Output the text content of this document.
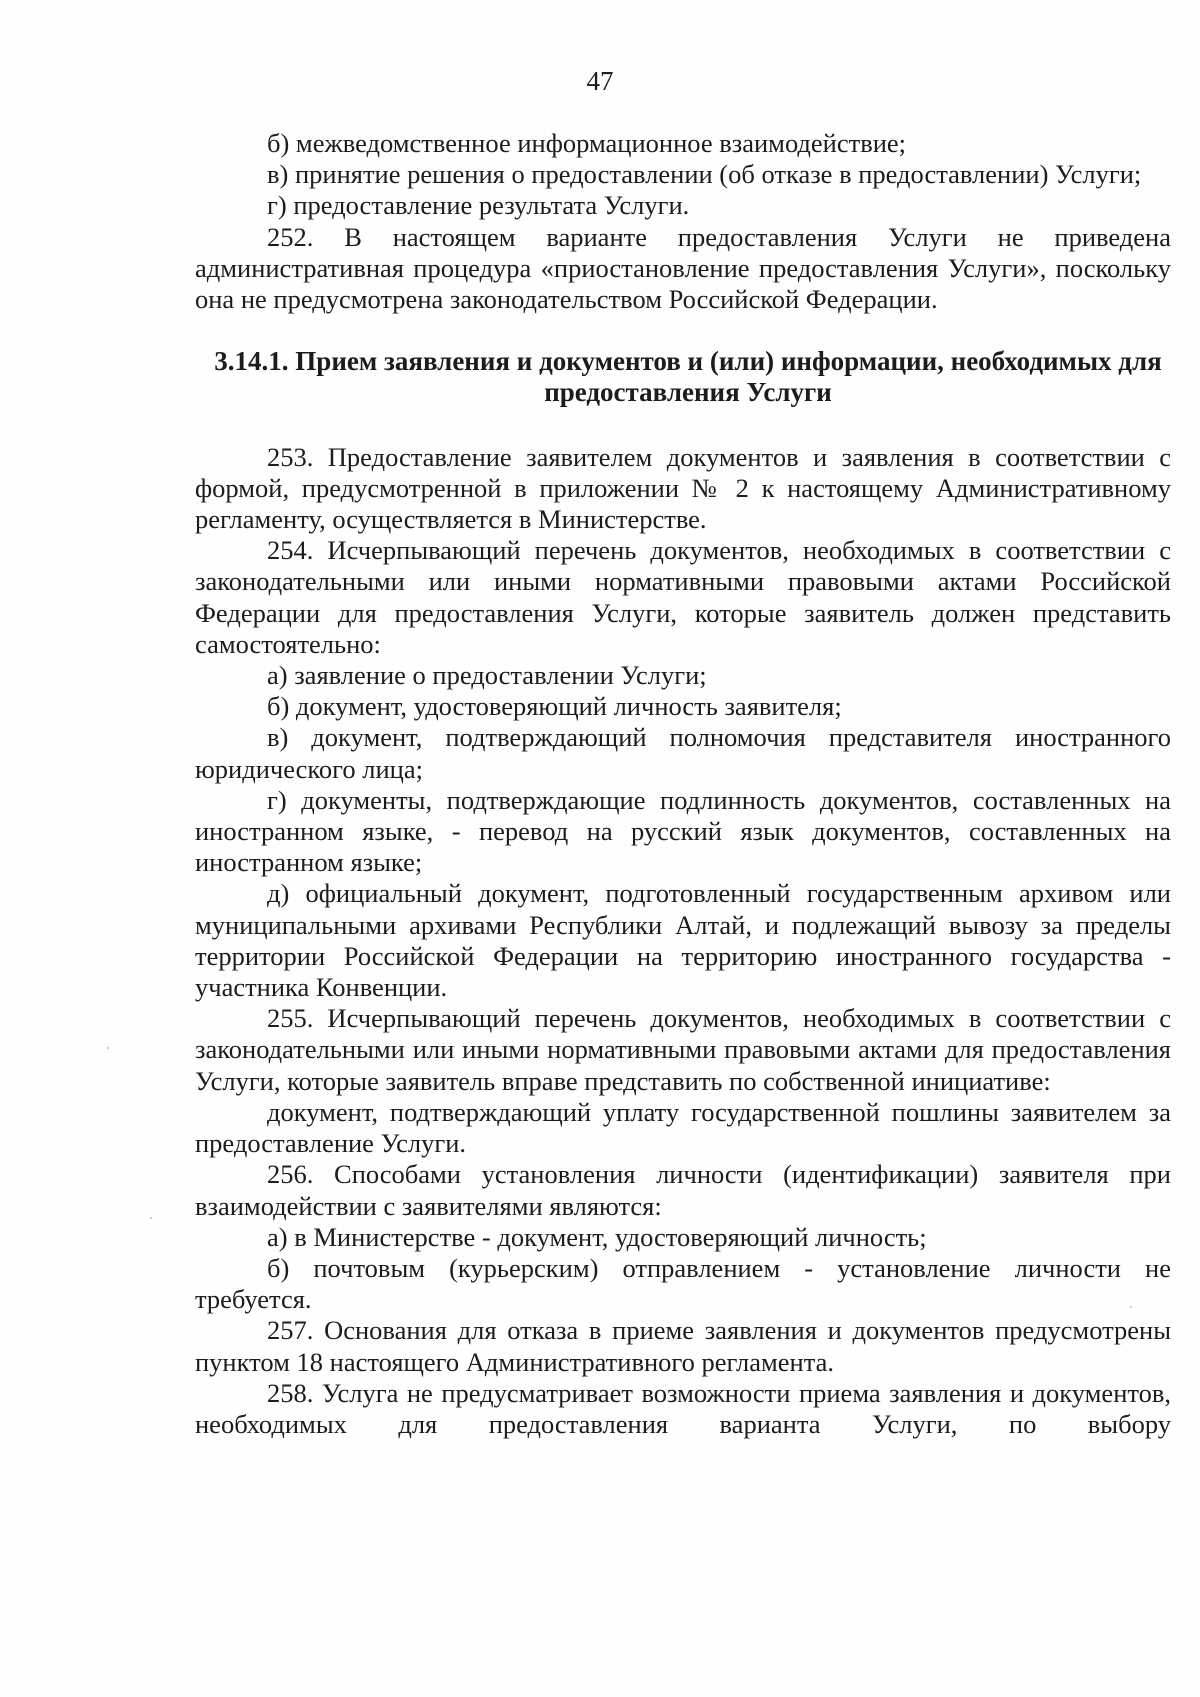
47

б) межведомственное информационное взаимодействие;

в) принятие решения о предоставлении (об отказе в предоставлении) Услуги;

г) предоставление результата Услуги.

252. В настоящем варианте предоставления Услуги не приведена административная процедура «приостановление предоставления Услуги», поскольку она не предусмотрена законодательством Российской Федерации.

3.14.1. Прием заявления и документов и (или) информации, необходимых для предоставления Услуги

253. Предоставление заявителем документов и заявления в соответствии с формой, предусмотренной в приложении № 2 к настоящему Административному регламенту, осуществляется в Министерстве.

254. Исчерпывающий перечень документов, необходимых в соответствии с законодательными или иными нормативными правовыми актами Российской Федерации для предоставления Услуги, которые заявитель должен представить самостоятельно:

а) заявление о предоставлении Услуги;

б) документ, удостоверяющий личность заявителя;

в) документ, подтверждающий полномочия представителя иностранного юридического лица;

г) документы, подтверждающие подлинность документов, составленных на иностранном языке, - перевод на русский язык документов, составленных на иностранном языке;

д) официальный документ, подготовленный государственным архивом или муниципальными архивами Республики Алтай, и подлежащий вывозу за пределы территории Российской Федерации на территорию иностранного государства - участника Конвенции.

255. Исчерпывающий перечень документов, необходимых в соответствии с законодательными или иными нормативными правовыми актами для предоставления Услуги, которые заявитель вправе представить по собственной инициативе:

документ, подтверждающий уплату государственной пошлины заявителем за предоставление Услуги.

256. Способами установления личности (идентификации) заявителя при взаимодействии с заявителями являются:

а) в Министерстве - документ, удостоверяющий личность;

б) почтовым (курьерским) отправлением - установление личности не требуется.

257. Основания для отказа в приеме заявления и документов предусмотрены пунктом 18 настоящего Административного регламента.

258. Услуга не предусматривает возможности приема заявления и документов, необходимых для предоставления варианта Услуги, по выбору
